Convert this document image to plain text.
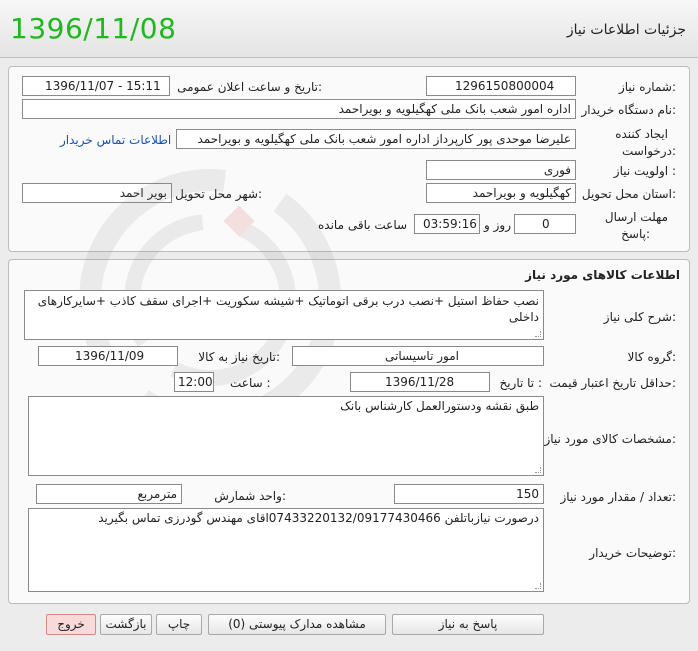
1396/11/08	جزئیات اطلاعات نیاز
شماره نیاز:
1296150800004
تاریخ و ساعت اعلان عمومی:
1396/11/07 - 15:11
نام دستگاه خریدار:
اداره امور شعب بانک ملی کهگیلویه و بویراحمد
ایجاد کننده
درخواست:
علیرضا موحدی پور کارپرداز اداره امور شعب بانک ملی کهگیلویه و بویراحمد
اطلاعات تماس خریدار
اولویت نیاز :
فوری
استان محل تحویل:
کهگیلویه و بویراحمد
شهر محل تحویل:
بویر احمد
مهلت ارسال
پاسخ:
0
روز و
03:59:16
ساعت باقی مانده
اطلاعات کالاهای مورد نیاز
شرح کلی نیاز:
نصب حفاظ استیل +نصب درب برقی اتوماتیک +شیشه سکوریت +اجرای سقف کاذب +سایرکارهای داخلی
گروه کالا:
امور تاسیساتی
تاریخ نیاز به کالا:
1396/11/09
حداقل تاریخ اعتبار قیمت:
تا تاریخ :
1396/11/28
ساعت :
12:00
مشخصات کالای مورد نیاز:
طبق نقشه ودستورالعمل کارشناس بانک
تعداد / مقدار مورد نیاز:
150
واحد شمارش:
مترمربع
توضیحات خریدار:
درصورت نیازباتلفن 07433220132/09177430466اقای مهندس گودرزی تماس بگیرید
پاسخ به نیاز
مشاهده مدارک پیوستی (0)
چاپ
بازگشت
خروج
